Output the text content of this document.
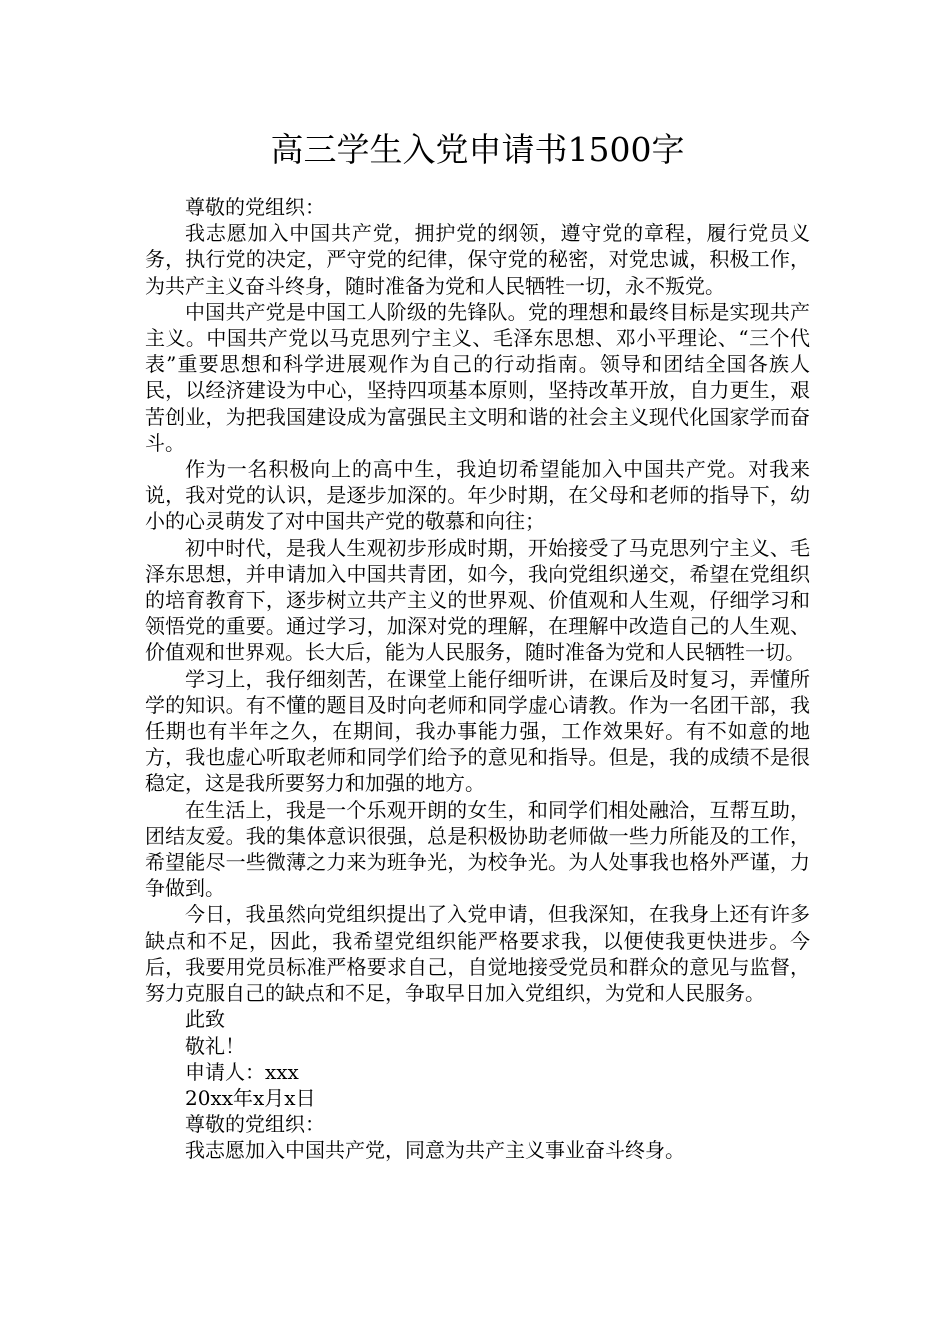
高三学生入党申请书1500字

尊敬的党组织：

我志愿加入中国共产党，拥护党的纲领，遵守党的章程，履行党员义务，执行党的决定，严守党的纪律，保守党的秘密，对党忠诚，积极工作，为共产主义奋斗终身，随时准备为党和人民牺牲一切，永不叛党。

中国共产党是中国工人阶级的先锋队。党的理想和最终目标是实现共产主义。中国共产党以马克思列宁主义、毛泽东思想、邓小平理论、“三个代表”重要思想和科学进展观作为自己的行动指南。领导和团结全国各族人民，以经济建设为中心，坚持四项基本原则，坚持改革开放，自力更生，艰苦创业，为把我国建设成为富强民主文明和谐的社会主义现代化国家学而奋斗。

作为一名积极向上的高中生，我迫切希望能加入中国共产党。对我来说，我对党的认识，是逐步加深的。年少时期，在父母和老师的指导下，幼小的心灵萌发了对中国共产党的敬慕和向往；

初中时代，是我人生观初步形成时期，开始接受了马克思列宁主义、毛泽东思想，并申请加入中国共青团，如今，我向党组织递交，希望在党组织的培育教育下，逐步树立共产主义的世界观、价值观和人生观，仔细学习和领悟党的重要。通过学习，加深对党的理解，在理解中改造自己的人生观、价值观和世界观。长大后，能为人民服务，随时准备为党和人民牺牲一切。

学习上，我仔细刻苦，在课堂上能仔细听讲，在课后及时复习，弄懂所学的知识。有不懂的题目及时向老师和同学虚心请教。作为一名团干部，我任期也有半年之久，在期间，我办事能力强，工作效果好。有不如意的地方，我也虚心听取老师和同学们给予的意见和指导。但是，我的成绩不是很稳定，这是我所要努力和加强的地方。

在生活上，我是一个乐观开朗的女生，和同学们相处融洽，互帮互助，团结友爱。我的集体意识很强，总是积极协助老师做一些力所能及的工作，希望能尽一些微薄之力来为班争光，为校争光。为人处事我也格外严谨，力争做到。

今日，我虽然向党组织提出了入党申请，但我深知，在我身上还有许多缺点和不足，因此，我希望党组织能严格要求我，以便使我更快进步。今后，我要用党员标准严格要求自己，自觉地接受党员和群众的意见与监督，努力克服自己的缺点和不足，争取早日加入党组织，为党和人民服务。

此致

敬礼！

申请人：xxx

20xx年x月x日

尊敬的党组织：

我志愿加入中国共产党，同意为共产主义事业奋斗终身。
